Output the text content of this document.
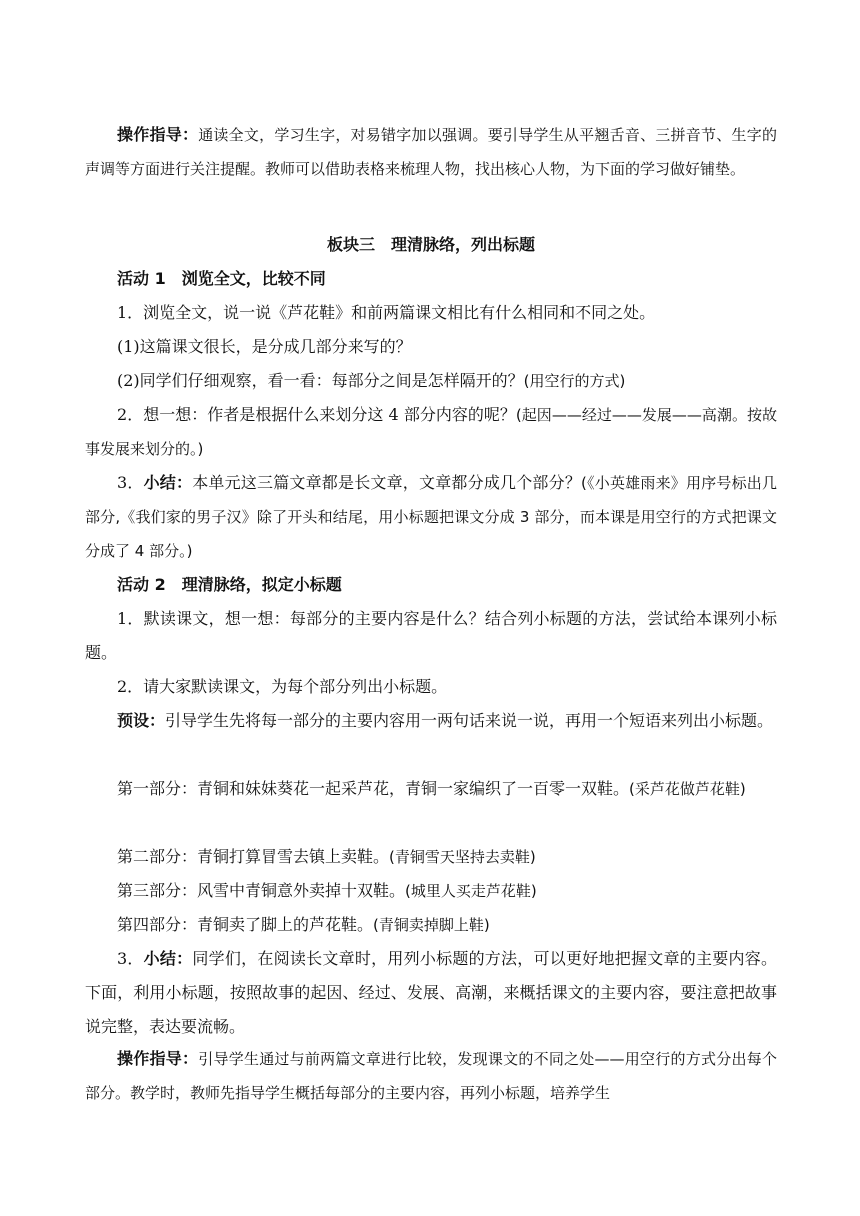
操作指导：通读全文，学习生字，对易错字加以强调。要引导学生从平翘舌音、三拼音节、生字的声调等方面进行关注提醒。教师可以借助表格来梳理人物，找出核心人物，为下面的学习做好铺垫。
板块三 理清脉络，列出标题
活动 1 浏览全文，比较不同
1．浏览全文，说一说《芦花鞋》和前两篇课文相比有什么相同和不同之处。
(1)这篇课文很长，是分成几部分来写的？
(2)同学们仔细观察，看一看：每部分之间是怎样隔开的？(用空行的方式)
2．想一想：作者是根据什么来划分这 4 部分内容的呢？(起因——经过——发展——高潮。按故事发展来划分的。)
3．小结：本单元这三篇文章都是长文章，文章都分成几个部分？(《小英雄雨来》用序号标出几部分,《我们家的男子汉》除了开头和结尾，用小标题把课文分成 3 部分，而本课是用空行的方式把课文分成了 4 部分。)
活动 2 理清脉络，拟定小标题
1．默读课文，想一想：每部分的主要内容是什么？结合列小标题的方法，尝试给本课列小标题。
2．请大家默读课文，为每个部分列出小标题。
预设：引导学生先将每一部分的主要内容用一两句话来说一说，再用一个短语来列出小标题。
第一部分：青铜和妹妹葵花一起采芦花，青铜一家编织了一百零一双鞋。(采芦花做芦花鞋)
第二部分：青铜打算冒雪去镇上卖鞋。(青铜雪天坚持去卖鞋)
第三部分：风雪中青铜意外卖掉十双鞋。(城里人买走芦花鞋)
第四部分：青铜卖了脚上的芦花鞋。(青铜卖掉脚上鞋)
3．小结：同学们，在阅读长文章时，用列小标题的方法，可以更好地把握文章的主要内容。下面，利用小标题，按照故事的起因、经过、发展、高潮，来概括课文的主要内容，要注意把故事说完整，表达要流畅。
操作指导：引导学生通过与前两篇文章进行比较，发现课文的不同之处——用空行的方式分出每个部分。教学时，教师先指导学生概括每部分的主要内容，再列小标题，培养学生
